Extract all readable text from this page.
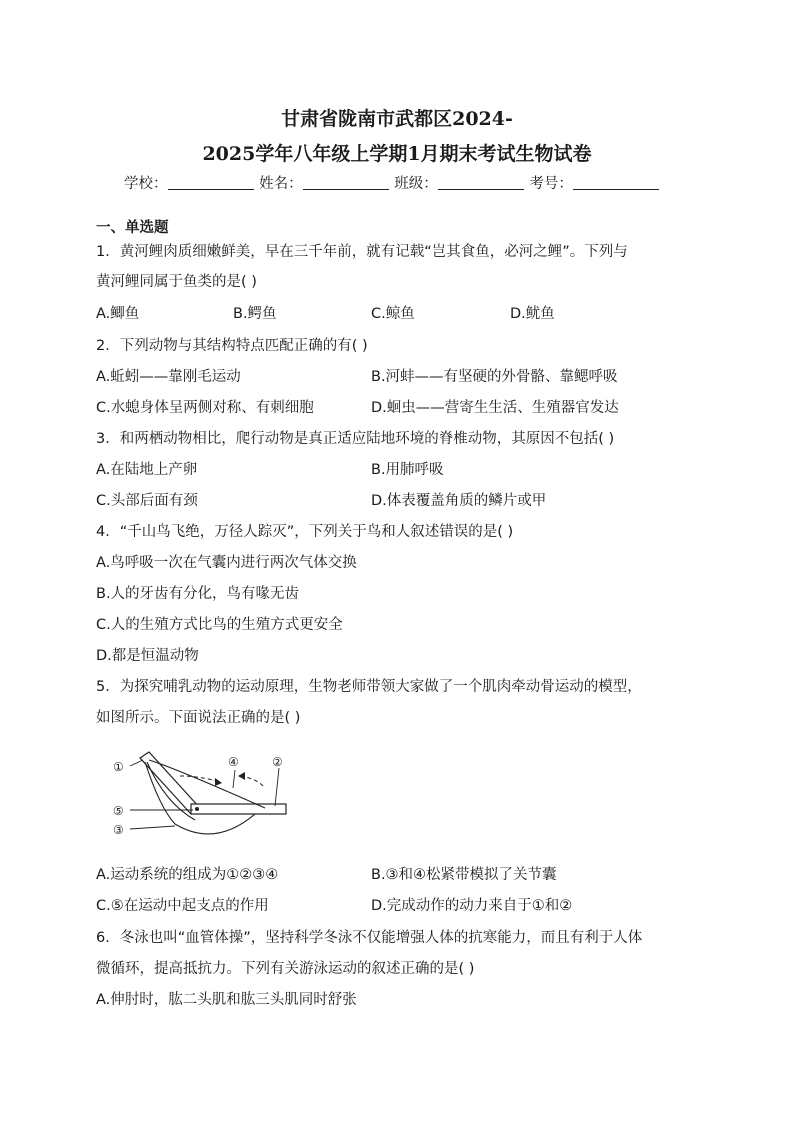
甘肃省陇南市武都区2024-
2025学年八年级上学期1月期末考试生物试卷
学校：	姓名：	班级：	考号：
一、单选题
1．黄河鲤肉质细嫩鲜美，早在三千年前，就有记载“岂其食鱼，必河之鲤”。下列与
黄河鲤同属于鱼类的是( )
A.鲫鱼	B.鳄鱼	C.鲸鱼	D.鱿鱼
2．下列动物与其结构特点匹配正确的有( )
A.蚯蚓——靠刚毛运动	B.河蚌——有坚硬的外骨骼、靠鳃呼吸
C.水螅身体呈两侧对称、有刺细胞	D.蛔虫——营寄生生活、生殖器官发达
3．和两栖动物相比，爬行动物是真正适应陆地环境的脊椎动物，其原因不包括( )
A.在陆地上产卵	B.用肺呼吸
C.头部后面有颈	D.体表覆盖角质的鳞片或甲
4．“千山鸟飞绝，万径人踪灭”，下列关于鸟和人叙述错误的是( )
A.鸟呼吸一次在气囊内进行两次气体交换
B.人的牙齿有分化，鸟有喙无齿
C.人的生殖方式比鸟的生殖方式更安全
D.都是恒温动物
5．为探究哺乳动物的运动原理，生物老师带领大家做了一个肌肉牵动骨运动的模型，
如图所示。下面说法正确的是( )
①	②
③
④
⑤
A.运动系统的组成为①②③④	B.③和④松紧带模拟了关节囊
C.⑤在运动中起支点的作用	D.完成动作的动力来自于①和②
6．冬泳也叫“血管体操”，坚持科学冬泳不仅能增强人体的抗寒能力，而且有利于人体
微循环，提高抵抗力。下列有关游泳运动的叙述正确的是( )
A.伸肘时，肱二头肌和肱三头肌同时舒张
